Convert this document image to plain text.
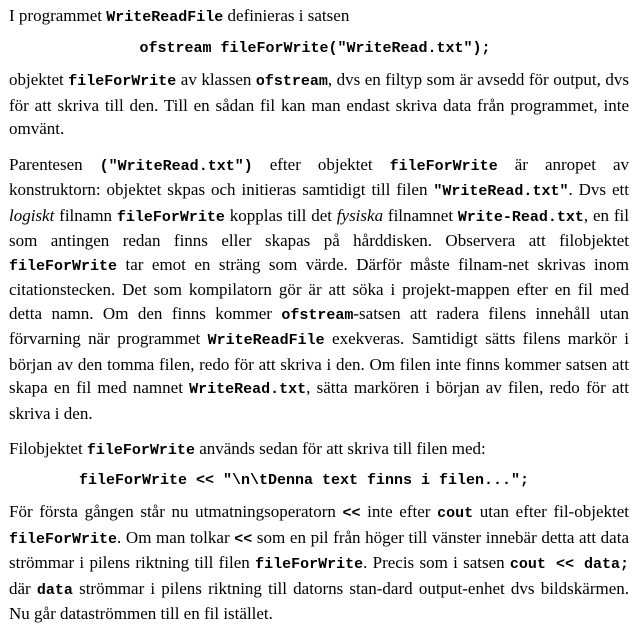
I programmet WriteReadFile definieras i satsen

ofstream fileForWrite("WriteRead.txt");

objektet fileForWrite av klassen ofstream, dvs en filtyp som är avsedd för output, dvs för att skriva till den. Till en sådan fil kan man endast skriva data från programmet, inte omvänt.

Parentesen ("WriteRead.txt") efter objektet fileForWrite är anropet av konstruktorn: objektet skpas och initieras samtidigt till filen "WriteRead.txt". Dvs ett logiskt filnamn fileForWrite kopplas till det fysiska filnamnet Write-Read.txt, en fil som antingen redan finns eller skapas på hårddisken. Observera att filobjektet fileForWrite tar emot en sträng som värde. Därför måste filnam-net skrivas inom citationstecken. Det som kompilatorn gör är att söka i projekt-mappen efter en fil med detta namn. Om den finns kommer ofstream-satsen att radera filens innehåll utan förvarning när programmet WriteReadFile exekveras. Samtidigt sätts filens markör i början av den tomma filen, redo för att skriva i den. Om filen inte finns kommer satsen att skapa en fil med namnet WriteRead.txt, sätta markören i början av filen, redo för att skriva i den.

Filobjektet fileForWrite används sedan för att skriva till filen med:

fileForWrite << "\n\tDenna text finns i filen...";

För första gången står nu utmatningsoperatorn << inte efter cout utan efter fil-objektet fileForWrite. Om man tolkar << som en pil från höger till vänster innebär detta att data strömmar i pilens riktning till filen fileForWrite. Precis som i satsen cout << data; där data strömmar i pilens riktning till datorns stan-dard output-enhet dvs bildskärmen. Nu går dataströmmen till en fil istället.
